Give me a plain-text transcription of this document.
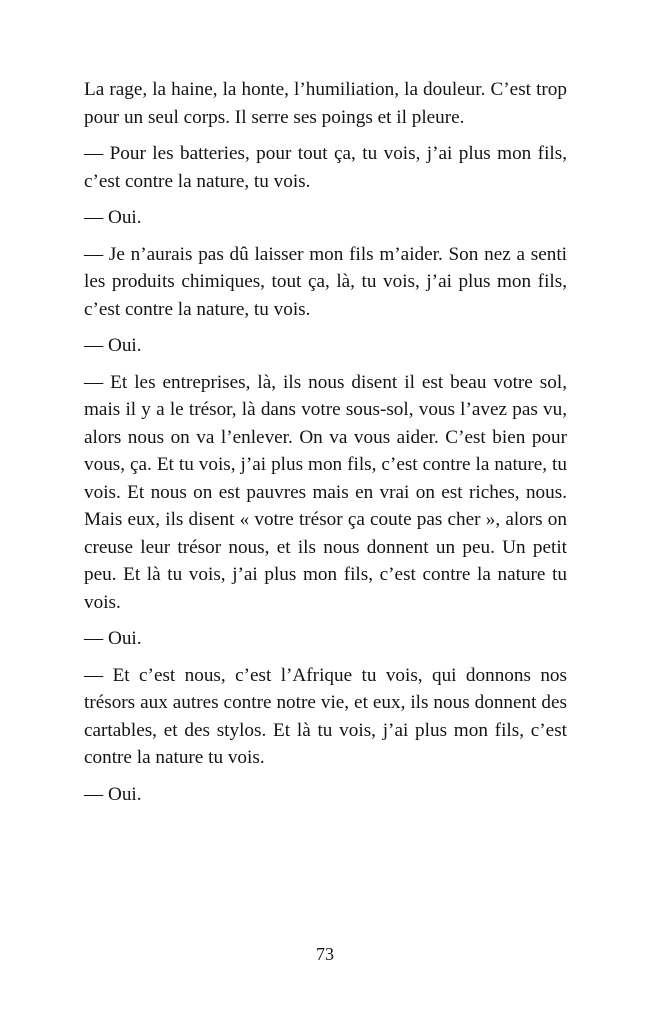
La rage, la haine, la honte, l’humiliation, la douleur. C’est trop pour un seul corps. Il serre ses poings et il pleure.

— Pour les batteries, pour tout ça, tu vois, j’ai plus mon fils, c’est contre la nature, tu vois.

— Oui.

— Je n’aurais pas dû laisser mon fils m’aider. Son nez a senti les produits chimiques, tout ça, là, tu vois, j’ai plus mon fils, c’est contre la nature, tu vois.

— Oui.

— Et les entreprises, là, ils nous disent il est beau votre sol, mais il y a le trésor, là dans votre sous-sol, vous l’avez pas vu, alors nous on va l’enlever. On va vous aider. C’est bien pour vous, ça. Et tu vois, j’ai plus mon fils, c’est contre la nature, tu vois. Et nous on est pauvres mais en vrai on est riches, nous. Mais eux, ils disent « votre trésor ça coute pas cher », alors on creuse leur trésor nous, et ils nous donnent un peu. Un petit peu. Et là tu vois, j’ai plus mon fils, c’est contre la nature tu vois.

— Oui.

— Et c’est nous, c’est l’Afrique tu vois, qui donnons nos trésors aux autres contre notre vie, et eux, ils nous donnent des cartables, et des stylos. Et là tu vois, j’ai plus mon fils, c’est contre la nature tu vois.

— Oui.

73
